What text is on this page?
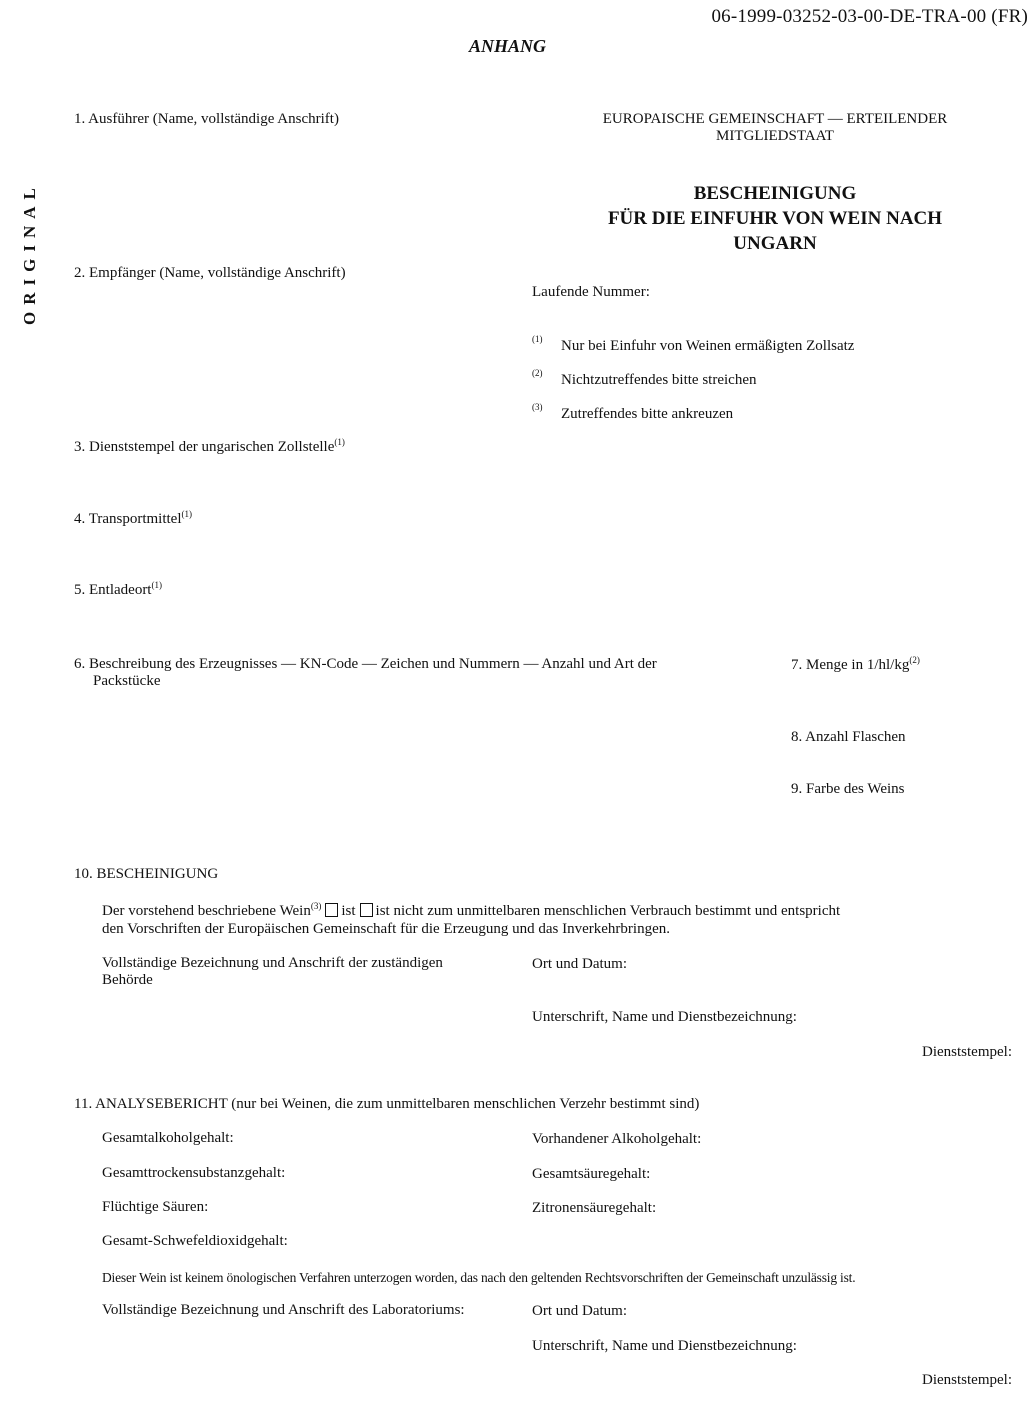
06-1999-03252-03-00-DE-TRA-00 (FR)
ANHANG
ORIGINAL
EUROPAISCHE GEMEINSCHAFT — ERTEILENDER
MITGLIEDSTAAT
BESCHEINIGUNG
FÜR DIE EINFUHR VON WEIN NACH
UNGARN
Laufende Nummer:
(1) Nur bei Einfuhr von Weinen ermäßigten Zollsatz
(2) Nichtzutreffendes bitte streichen
(3) Zutreffendes bitte ankreuzen
1. Ausführer (Name, vollständige Anschrift)
2. Empfänger (Name, vollständige Anschrift)
3. Dienststempel der ungarischen Zollstelle$^{(1)}$
4. Transportmittel$^{(1)}$
5. Entladeort$^{(1)}$
6. Beschreibung des Erzeugnisses — KN-Code — Zeichen und Nummern — Anzahl und Art der
Packstücke
7. Menge in $1/hl/kg^{(2)}$
8. Anzahl Flaschen
9. Farbe des Weins
10. BESCHEINIGUNG
Der vorstehend beschriebene Wein$^{(3)}$ ist ist nicht zum unmittelbaren menschlichen Verbrauch bestimmt und entspricht
den Vorschriften der Europäischen Gemeinschaft für die Erzeugung und das Inverkehrbringen.
Vollständige Bezeichnung und Anschrift der zuständigen
Behörde
Ort und Datum:
Unterschrift, Name und Dienstbezeichnung:
Dienststempel:
11. ANALYSEBERICHT (nur bei Weinen, die zum unmittelbaren menschlichen Verzehr bestimmt sind)
Gesamtalkoholgehalt:	Vorhandener Alkoholgehalt:
Gesamttrockensubstanzgehalt:	Gesamtsäuregehalt:
Flüchtige Säuren:	Zitronensäuregehalt:
Gesamt-Schwefeldioxidgehalt:
Dieser Wein ist keinem önologischen Verfahren unterzogen worden, das nach den geltenden Rechtsvorschriften der Gemeinschaft unzulässig ist.
Vollständige Bezeichnung und Anschrift des Laboratoriums:	Ort und Datum:
Unterschrift, Name und Dienstbezeichnung:
Dienststempel:
